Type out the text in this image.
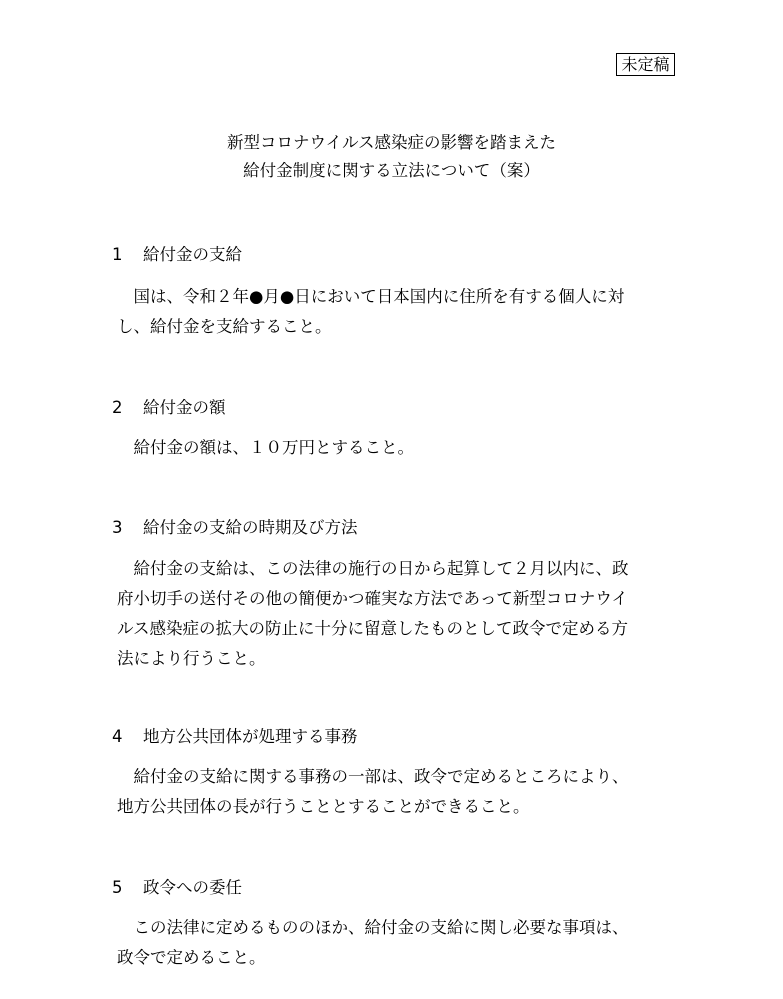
未定稿
新型コロナウイルス感染症の影響を踏まえた
給付金制度に関する立法について（案）
1 給付金の支給

国は、令和２年●月●日において日本国内に住所を有する個人に対
し、給付金を支給すること。

2 給付金の額

給付金の額は、１０万円とすること。

3 給付金の支給の時期及び方法

給付金の支給は、この法律の施行の日から起算して２月以内に、政
府小切手の送付その他の簡便かつ確実な方法であって新型コロナウイ
ルス感染症の拡大の防止に十分に留意したものとして政令で定める方
法により行うこと。

4 地方公共団体が処理する事務

給付金の支給に関する事務の一部は、政令で定めるところにより、
地方公共団体の長が行うこととすることができること。

5 政令への委任

この法律に定めるもののほか、給付金の支給に関し必要な事項は、
政令で定めること。
